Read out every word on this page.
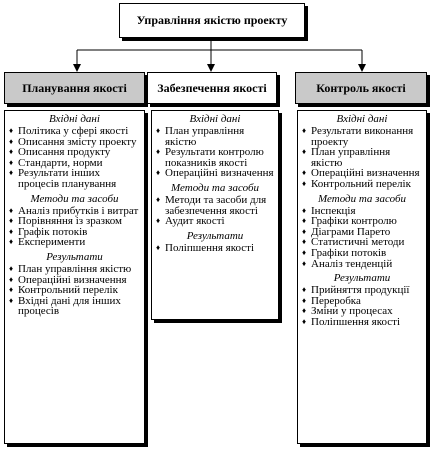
Управління якістю проекту
Планування якості
Вхідні дані
♦ Політика у сфері якості
♦ Описання змісту проекту
♦ Описання продукту
♦ Стандарти, норми
♦ Результати інших процесів планування
Методи та засоби
♦ Аналіз прибутків і витрат
♦ Порівняння із зразком
♦ Графік потоків
♦ Експерименти
Результати
♦ План управління якістю
♦ Операційні визначення
♦ Контрольний перелік
♦ Вхідні дані для інших процесів
Забезпечення якості
Вхідні дані
♦ План управління якістю
♦ Результати контролю показників якості
♦ Операційні визначення
Методи та засоби
♦ Методи та засоби для забезпечення якості
♦ Аудит якості
Результати
♦ Поліпшення якості
Контроль якості
Вхідні дані
♦ Результати виконання проекту
♦ План управління якістю
♦ Операційні визначення
♦ Контрольний перелік
Методи та засоби
♦ Інспекція
♦ Графіки контролю
♦ Діаграми Парето
♦ Статистичні методи
♦ Графіки потоків
♦ Аналіз тенденцій
Результати
♦ Прийняття продукції
♦ Переробка
♦ Зміни у процесах
♦ Поліпшення якості
